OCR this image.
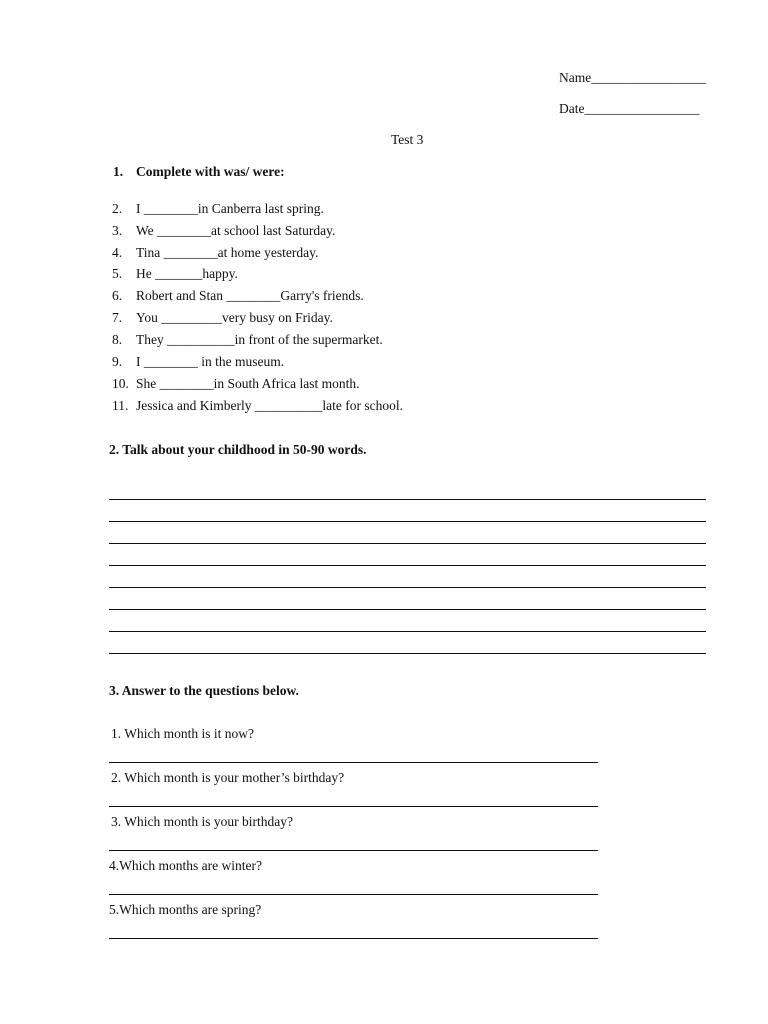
Name_________________
Date_________________
Test 3
1. Complete with was/ were:
2. I ________in Canberra last spring.
3. We ________at school last Saturday.
4. Tina ________at home yesterday.
5. He _______happy.
6. Robert and Stan ________Garry's friends.
7. You _________very busy on Friday.
8. They __________in front of the supermarket.
9. I ________ in the museum.
10. She ________in South Africa last month.
11. Jessica and Kimberly __________late for school.
2. Talk about your childhood in 50-90 words.
3. Answer to the questions below.
1. Which month is it now?
2. Which month is your mother’s birthday?
3. Which month is your birthday?
4.Which months are winter?
5.Which months are spring?
